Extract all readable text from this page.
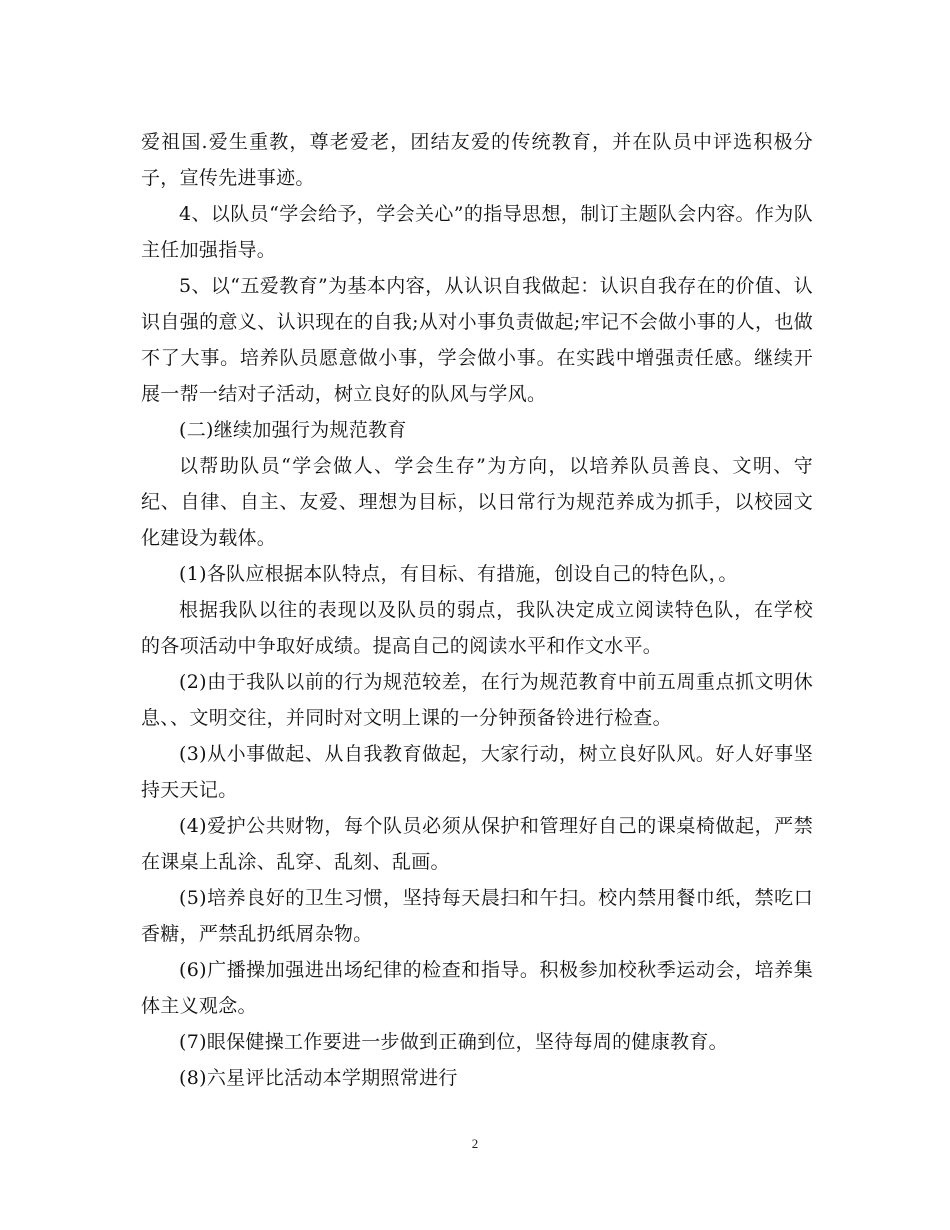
爱祖国.爱生重教，尊老爱老，团结友爱的传统教育，并在队员中评选积极分子，宣传先进事迹。

4、以队员“学会给予，学会关心”的指导思想，制订主题队会内容。作为队主任加强指导。

5、以“五爱教育”为基本内容，从认识自我做起：认识自我存在的价值、认识自强的意义、认识现在的自我;从对小事负责做起;牢记不会做小事的人，也做不了大事。培养队员愿意做小事，学会做小事。在实践中增强责任感。继续开展一帮一结对子活动，树立良好的队风与学风。

(二)继续加强行为规范教育

以帮助队员“学会做人、学会生存”为方向，以培养队员善良、文明、守纪、自律、自主、友爱、理想为目标，以日常行为规范养成为抓手，以校园文化建设为载体。

(1)各队应根据本队特点，有目标、有措施，创设自己的特色队，。

根据我队以往的表现以及队员的弱点，我队决定成立阅读特色队，在学校的各项活动中争取好成绩。提高自己的阅读水平和作文水平。

(2)由于我队以前的行为规范较差，在行为规范教育中前五周重点抓文明休息、、文明交往，并同时对文明上课的一分钟预备铃进行检查。

(3)从小事做起、从自我教育做起，大家行动，树立良好队风。好人好事坚持天天记。

(4)爱护公共财物，每个队员必须从保护和管理好自己的课桌椅做起，严禁在课桌上乱涂、乱穿、乱刻、乱画。

(5)培养良好的卫生习惯，坚持每天晨扫和午扫。校内禁用餐巾纸，禁吃口香糖，严禁乱扔纸屑杂物。

(6)广播操加强进出场纪律的检查和指导。积极参加校秋季运动会，培养集体主义观念。

(7)眼保健操工作要进一步做到正确到位，坚待每周的健康教育。

(8)六星评比活动本学期照常进行

2
